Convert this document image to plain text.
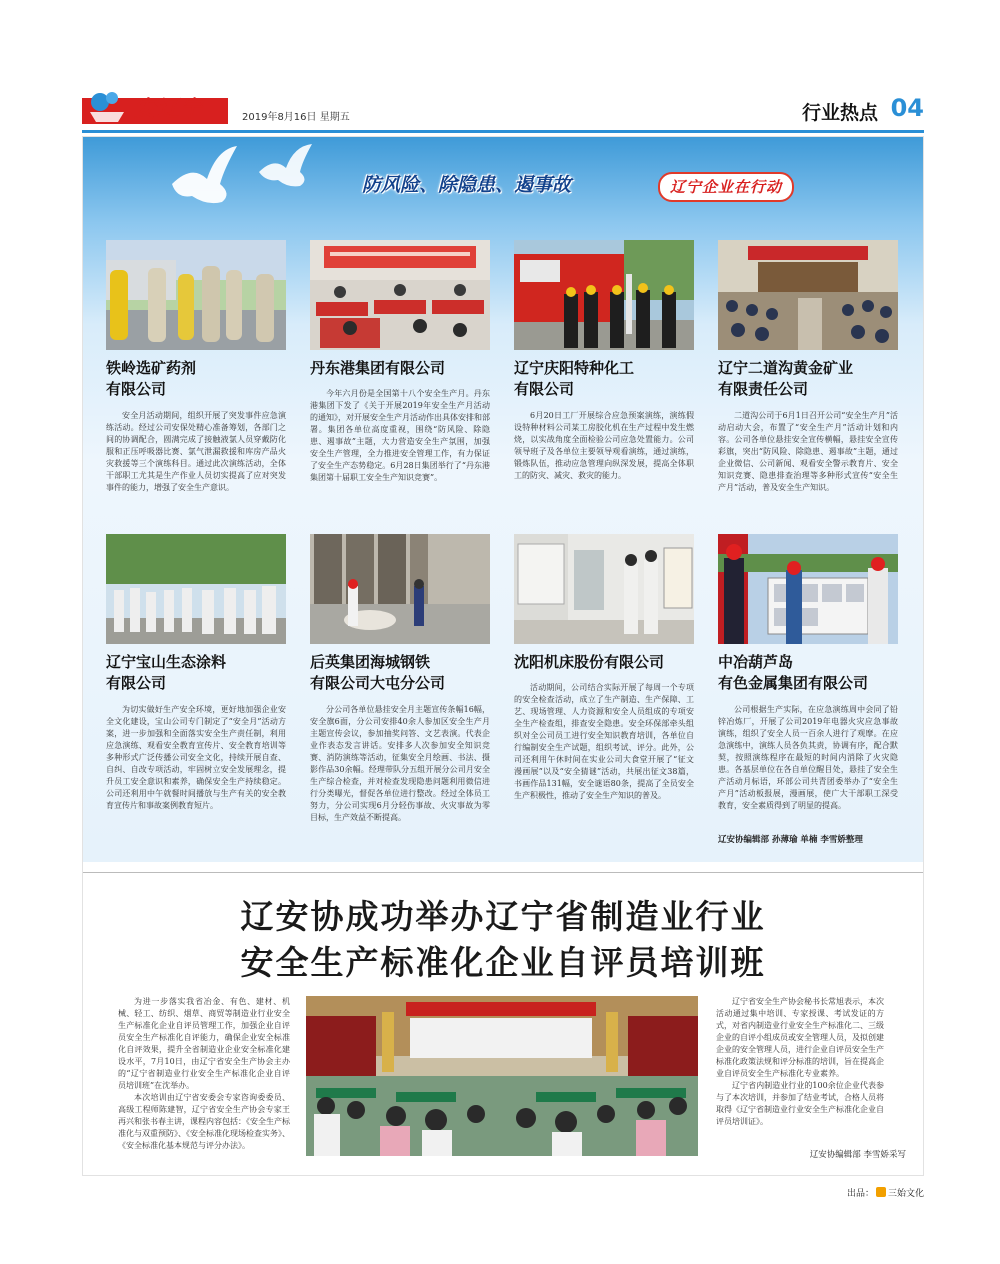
安辽宁	2019年8月16日 星期五	行业热点 04
防风险、除隐患、遏事故	辽宁企业在行动
铁岭选矿药剂
有限公司
安全月活动期间，组织开展了突发事件应急演练活动。经过公司安保处精心准备筹划，各部门之间的协调配合，圆满完成了接触液氯人员穿戴防化服和正压呼吸器比赛、氯气泄漏救援和库房产品火灾救援等三个演练科目。通过此次演练活动，全体干部职工尤其是生产作业人员切实提高了应对突发事件的能力，增强了安全生产意识。
丹东港集团有限公司
今年六月份是全国第十八个安全生产月。丹东港集团下发了《关于开展2019年安全生产月活动的通知》，对开展安全生产月活动作出具体安排和部署。集团各单位高度重视，围绕“防风险、除隐患、遏事故”主题，大力营造安全生产氛围，加强安全生产管理，全力推进安全管理工作，有力保证了安全生产态势稳定。6月28日集团举行了“丹东港集团第十届职工安全生产知识竞赛”。
辽宁庆阳特种化工
有限公司
6月20日工厂开展综合应急预案演练，演练假设特种材料公司某工房胶化机在生产过程中发生燃烧，以实战角度全面检验公司应急处置能力。公司领导班子及各单位主要领导观看演练，通过演练，锻炼队伍，推动应急管理向纵深发展，提高全体职工的防灾、减灾、救灾的能力。
辽宁二道沟黄金矿业
有限责任公司
二道沟公司于6月1日召开公司“安全生产月”活动启动大会，布置了“安全生产月”活动计划和内容。公司各单位悬挂安全宣传横幅，悬挂安全宣传彩旗，突出“防风险、除隐患、遏事故”主题，通过企业微信、公司新闻、观看安全警示教育片、安全知识竞赛、隐患排查治理等多种形式宣传“安全生产月”活动，普及安全生产知识。
辽宁宝山生态涂料
有限公司
为切实做好生产安全环境，更好地加强企业安全文化建设，宝山公司专门制定了“安全月”活动方案，进一步加强和全面落实安全生产责任制，利用应急演练、观看安全教育宣传片、安全教育培训等多种形式广泛传播公司安全文化，持续开展自查、自纠、自改专项活动，牢固树立安全发展理念，提升员工安全意识和素养，确保安全生产持续稳定。公司还利用中午就餐时间播放与生产有关的安全教育宣传片和事故案例教育短片。
后英集团海城钢铁
有限公司大屯分公司
分公司各单位悬挂安全月主题宣传条幅16幅，安全旗6面，分公司安排40余人参加区安全生产月主题宣传会议，参加抽奖问答、文艺表演。代表企业作表态发言讲话。安排多人次参加安全知识竞赛、消防演练等活动，征集安全月绘画、书法、摄影作品30余幅。经理带队分五组开展分公司月安全生产综合检查，并对检查发现隐患问题利用微信进行分类曝光，督促各单位进行整改。经过全体员工努力，分公司实现6月分轻伤事故、火灾事故为零目标，生产效益不断提高。
沈阳机床股份有限公司
活动期间，公司结合实际开展了每周一个专项的安全检查活动，成立了生产制造、生产保障、工艺、现场管理、人力资源和安全人员组成的专项安全生产检查组，排查安全隐患。安全环保部牵头组织对全公司员工进行安全知识教育培训，各单位自行编制安全生产试题，组织考试、评分。此外，公司还利用午休时间在实业公司大食堂开展了“征文漫画展”以及“安全猜谜”活动，共展出征文38篇，书画作品131幅，安全谜语80条，提高了全员安全生产积极性，推动了安全生产知识的普及。
中冶葫芦岛
有色金属集团有限公司
公司根据生产实际，在应急演练周中会同了铅锌冶炼厂，开展了公司2019年电器火灾应急事故演练，组织了安全人员一百余人进行了观摩。在应急演练中，演练人员各负其责，协调有序，配合默契，按照演练程序在最短的时间内消除了火灾隐患。各基层单位在各自单位醒目处，悬挂了安全生产活动月标语，环部公司共青团委举办了“安全生产月”活动板报展，漫画展，使广大干部职工深受教育，安全素质得到了明显的提高。
辽安协编辑部 孙薄瑜 单楠 李雪娇整理
辽安协成功举办辽宁省制造业行业
安全生产标准化企业自评员培训班

为进一步落实我省冶金、有色、建材、机械、轻工、纺织、烟草、商贸等制造业行业安全生产标准化企业自评员管理工作，加强企业自评员安全生产标准化自评能力，确保企业安全标准化自评效果，提升全省制造业企业安全标准化建设水平，7月10日，由辽宁省安全生产协会主办的“辽宁省制造业行业安全生产标准化企业自评员培训班”在沈举办。

本次培训由辽宁省安委会专家咨询委委员、高级工程师陈建智，辽宁省安全生产协会专家王再兴和张书春主讲，课程内容包括：《安全生产标准化与双重预防》、《安全标准化现场检查实务》、《安全标准化基本规范与评分办法》。

辽宁省安全生产协会秘书长常旭表示，本次活动通过集中培训、专家授课、考试发证的方式，对省内制造业行业安全生产标准化二、三级企业的自评小组成员或安全管理人员，及拟创建企业的安全管理人员，进行企业自评员安全生产标准化政策法规和评分标准的培训，旨在提高企业自评员安全生产标准化专业素养。

辽宁省内制造业行业的100余位企业代表参与了本次培训，并参加了结业考试，合格人员将取得《辽宁省制造业行业安全生产标准化企业自评员培训证》。

辽安协编辑部 李雪娇采写
出品： 三始文化
